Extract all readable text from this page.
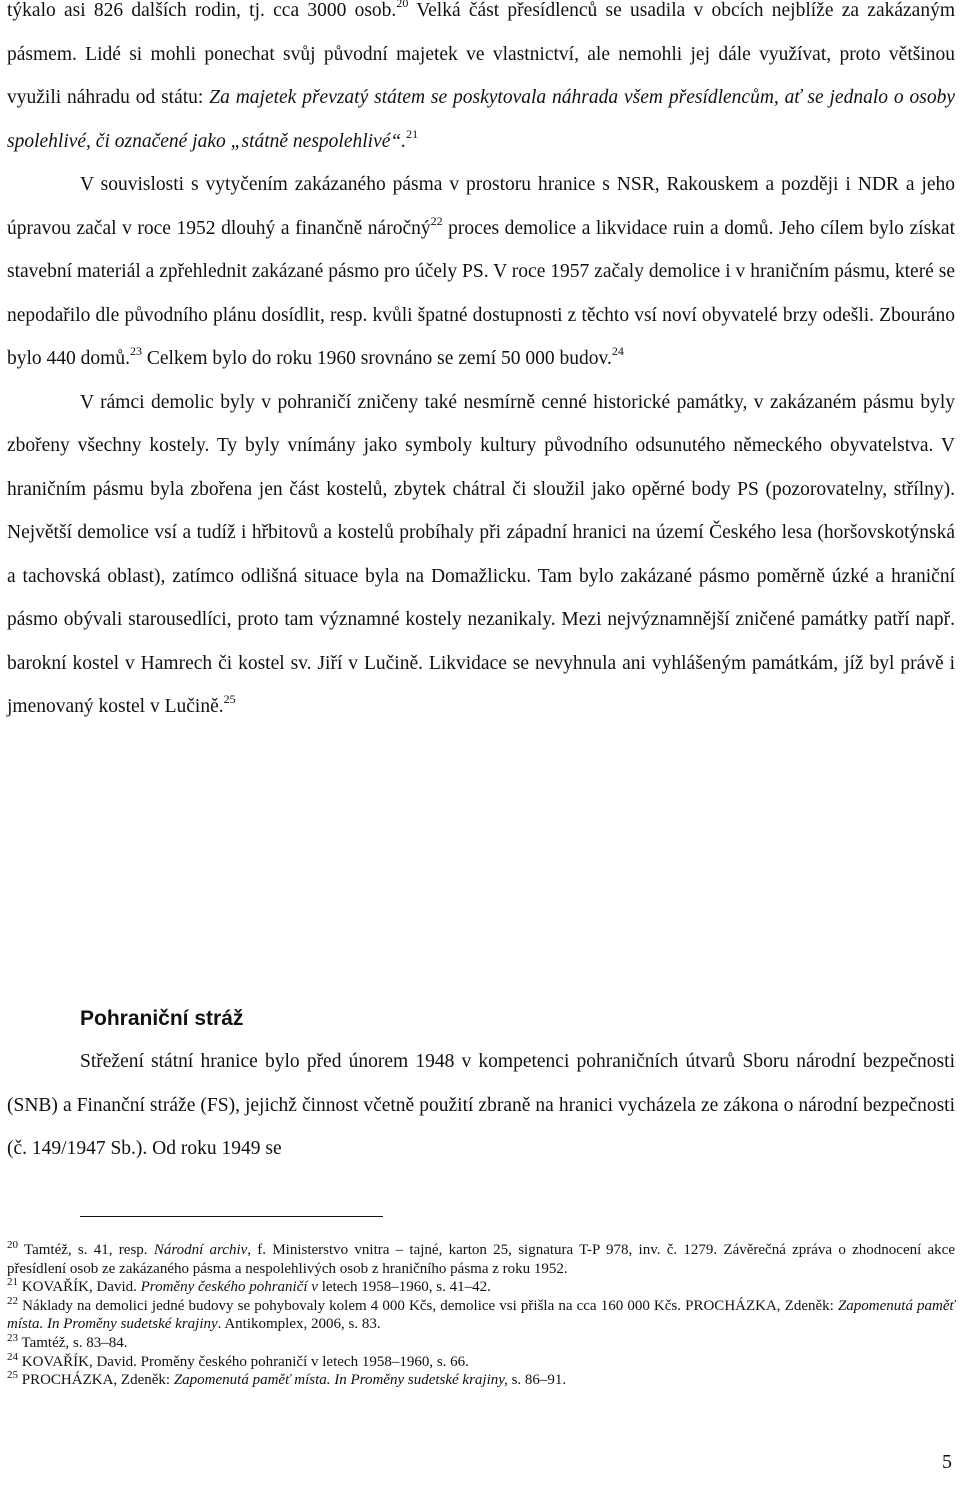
týkalo asi 826 dalších rodin, tj. cca 3000 osob.$^{20}$ Velká část přesídlenců se usadila v obcích nejblíže za zakázaným pásmem. Lidé si mohli ponechat svůj původní majetek ve vlastnictví, ale nemohli jej dále využívat, proto většinou využili náhradu od státu: Za majetek převzatý státem se poskytovala náhrada všem přesídlencům, ať se jednalo o osoby spolehlivé, či označené jako „státně nespolehlivé“.$^{21}$

V souvislosti s vytyčením zakázaného pásma v prostoru hranice s NSR, Rakouskem a později i NDR a jeho úpravou začal v roce 1952 dlouhý a finančně náročný$^{22}$ proces demolice a likvidace ruin a domů. Jeho cílem bylo získat stavební materiál a zpřehlednit zakázané pásmo pro účely PS. V roce 1957 začaly demolice i v hraničním pásmu, které se nepodařilo dle původního plánu dosídlit, resp. kvůli špatné dostupnosti z těchto vsí noví obyvatelé brzy odešli. Zbouráno bylo 440 domů.$^{23}$ Celkem bylo do roku 1960 srovnáno se zemí 50 000 budov.$^{24}$

V rámci demolic byly v pohraničí zničeny také nesmírně cenné historické památky, v zakázaném pásmu byly zbořeny všechny kostely. Ty byly vnímány jako symboly kultury původního odsunutého německého obyvatelstva. V hraničním pásmu byla zbořena jen část kostelů, zbytek chátral či sloužil jako opěrné body PS (pozorovatelny, střílny). Největší demolice vsí a tudíž i hřbitovů a kostelů probíhaly při západní hranici na území Českého lesa (horšovskotýnská a tachovská oblast), zatímco odlišná situace byla na Domažlicku. Tam bylo zakázané pásmo poměrně úzké a hraniční pásmo obývali starousedlíci, proto tam významné kostely nezanikaly. Mezi nejvýznamnější zničené památky patří např. barokní kostel v Hamrech či kostel sv. Jiří v Lučině. Likvidace se nevyhnula ani vyhlášeným památkám, jíž byl právě i jmenovaný kostel v Lučině.$^{25}$

Pohraniční stráž

Střežení státní hranice bylo před únorem 1948 v kompetenci pohraničních útvarů Sboru národní bezpečnosti (SNB) a Finanční stráže (FS), jejichž činnost včetně použití zbraně na hranici vycházela ze zákona o národní bezpečnosti (č. 149/1947 Sb.). Od roku 1949 se

$^{20}$ Tamtéž, s. 41, resp. Národní archiv, f. Ministerstvo vnitra – tajné, karton 25, signatura T-P 978, inv. č. 1279. Závěrečná zpráva o zhodnocení akce přesídlení osob ze zakázaného pásma a nespolehlivých osob z hraničního pásma z roku 1952.
$^{21}$ KOVAŘÍK, David. Proměny českého pohraničí v letech 1958–1960, s. 41–42.
$^{22}$ Náklady na demolici jedné budovy se pohybovaly kolem 4 000 Kčs, demolice vsi přišla na cca 160 000 Kčs. PROCHÁZKA, Zdeněk: Zapomenutá paměť místa. In Proměny sudetské krajiny. Antikomplex, 2006, s. 83.
$^{23}$ Tamtéž, s. 83–84.
$^{24}$ KOVAŘÍK, David. Proměny českého pohraničí v letech 1958–1960, s. 66.
$^{25}$ PROCHÁZKA, Zdeněk: Zapomenutá paměť místa. In Proměny sudetské krajiny, s. 86–91.
5
